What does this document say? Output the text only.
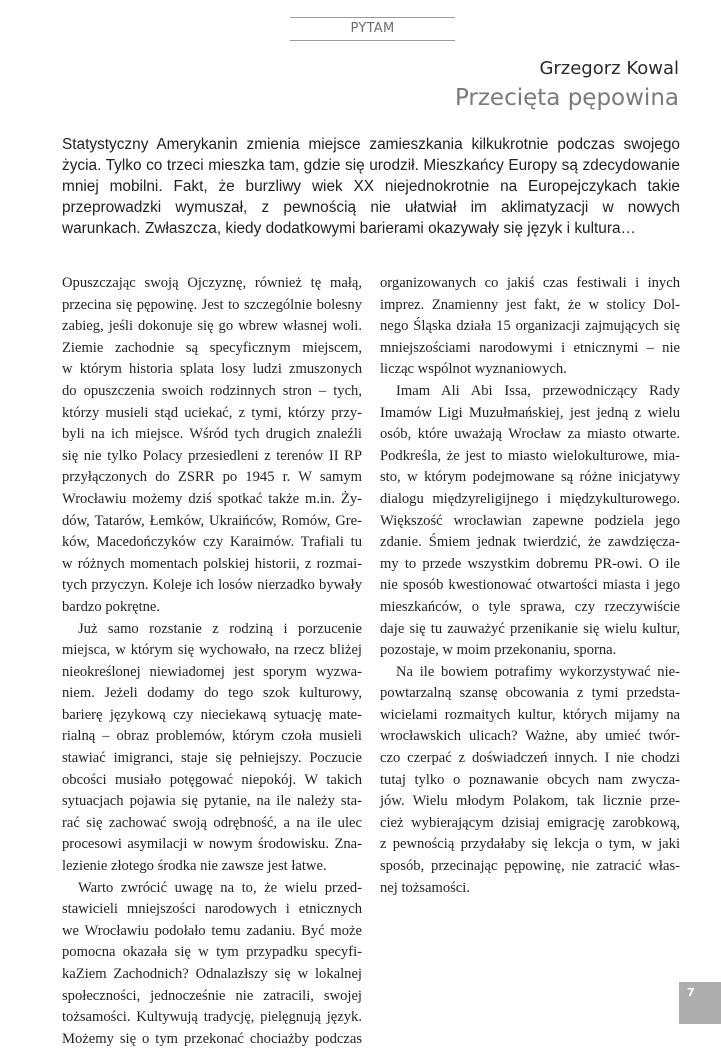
PYTAM
Grzegorz Kowal
Przecięta pępowina
Statystyczny Amerykanin zmienia miejsce zamieszkania kilkukrotnie podczas swojego
życia. Tylko co trzeci mieszka tam, gdzie się urodził. Mieszkańcy Europy są zdecydowanie
mniej mobilni. Fakt, że burzliwy wiek XX niejednokrotnie na Europejczykach takie
przeprowadzki wymuszał, z pewnością nie ułatwiał im aklimatyzacji w nowych
warunkach. Zwłaszcza, kiedy dodatkowymi barierami okazywały się język i kultura…
Opuszczając swoją Ojczyznę, również tę małą,
przecina się pępowinę. Jest to szczególnie bolesny
zabieg, jeśli dokonuje się go wbrew własnej woli.
Ziemie zachodnie są specyficznym miejscem,
w którym historia splata losy ludzi zmuszonych
do opuszczenia swoich rodzinnych stron – tych,
którzy musieli stąd uciekać, z tymi, którzy przy-
byli na ich miejsce. Wśród tych drugich znaleźli
się nie tylko Polacy przesiedleni z terenów II RP
przyłączonych do ZSRR po 1945 r. W samym
Wrocławiu możemy dziś spotkać także m.in. Ży-
dów, Tatarów, Łemków, Ukraińców, Romów, Gre-
ków, Macedończyków czy Karaimów. Trafiali tu
w różnych momentach polskiej historii, z rozmai-
tych przyczyn. Koleje ich losów nierzadko bywały
bardzo pokrętne.
Już samo rozstanie z rodziną i porzucenie
miejsca, w którym się wychowało, na rzecz bliżej
nieokreślonej niewiadomej jest sporym wyzwa-
niem. Jeżeli dodamy do tego szok kulturowy,
barierę językową czy nieciekawą sytuację mate-
rialną – obraz problemów, którym czoła musieli
stawiać imigranci, staje się pełniejszy. Poczucie
obcości musiało potęgować niepokój. W takich
sytuacjach pojawia się pytanie, na ile należy sta-
rać się zachować swoją odrębność, a na ile ulec
procesowi asymilacji w nowym środowisku. Zna-
lezienie złotego środka nie zawsze jest łatwe.
Warto zwrócić uwagę na to, że wielu przed-
stawicieli mniejszości narodowych i etnicznych
we Wrocławiu podołało temu zadaniu. Być może
pomocna okazała się w tym przypadku specyfi-
kaZiem Zachodnich? Odnalazłszy się w lokalnej
społeczności, jednocześnie nie zatracili, swojej
tożsamości. Kultywują tradycję, pielęgnują język.
Możemy się o tym przekonać chociażby podczas
organizowanych co jakiś czas festiwali i inych
imprez. Znamienny jest fakt, że w stolicy Dol-
nego Śląska działa 15 organizacji zajmujących się
mniejszościami narodowymi i etnicznymi – nie
licząc wspólnot wyznaniowych.
Imam Ali Abi Issa, przewodniczący Rady
Imamów Ligi Muzułmańskiej, jest jedną z wielu
osób, które uważają Wrocław za miasto otwarte.
Podkreśla, że jest to miasto wielokulturowe, mia-
sto, w którym podejmowane są różne inicjatywy
dialogu międzyreligijnego i międzykulturowego.
Większość wrocławian zapewne podziela jego
zdanie. Śmiem jednak twierdzić, że zawdzięcza-
my to przede wszystkim dobremu PR-owi. O ile
nie sposób kwestionować otwartości miasta i jego
mieszkańców, o tyle sprawa, czy rzeczywiście
daje się tu zauważyć przenikanie się wielu kultur,
pozostaje, w moim przekonaniu, sporna.
Na ile bowiem potrafimy wykorzystywać nie-
powtarzalną szansę obcowania z tymi przedsta-
wicielami rozmaitych kultur, których mijamy na
wrocławskich ulicach? Ważne, aby umieć twór-
czo czerpać z doświadczeń innych. I nie chodzi
tutaj tylko o poznawanie obcych nam zwycza-
jów. Wielu młodym Polakom, tak licznie prze-
cież wybierającym dzisiaj emigrację zarobkową,
z pewnością przydałaby się lekcja o tym, w jaki
sposób, przecinając pępowinę, nie zatracić włas-
nej tożsamości.
7
